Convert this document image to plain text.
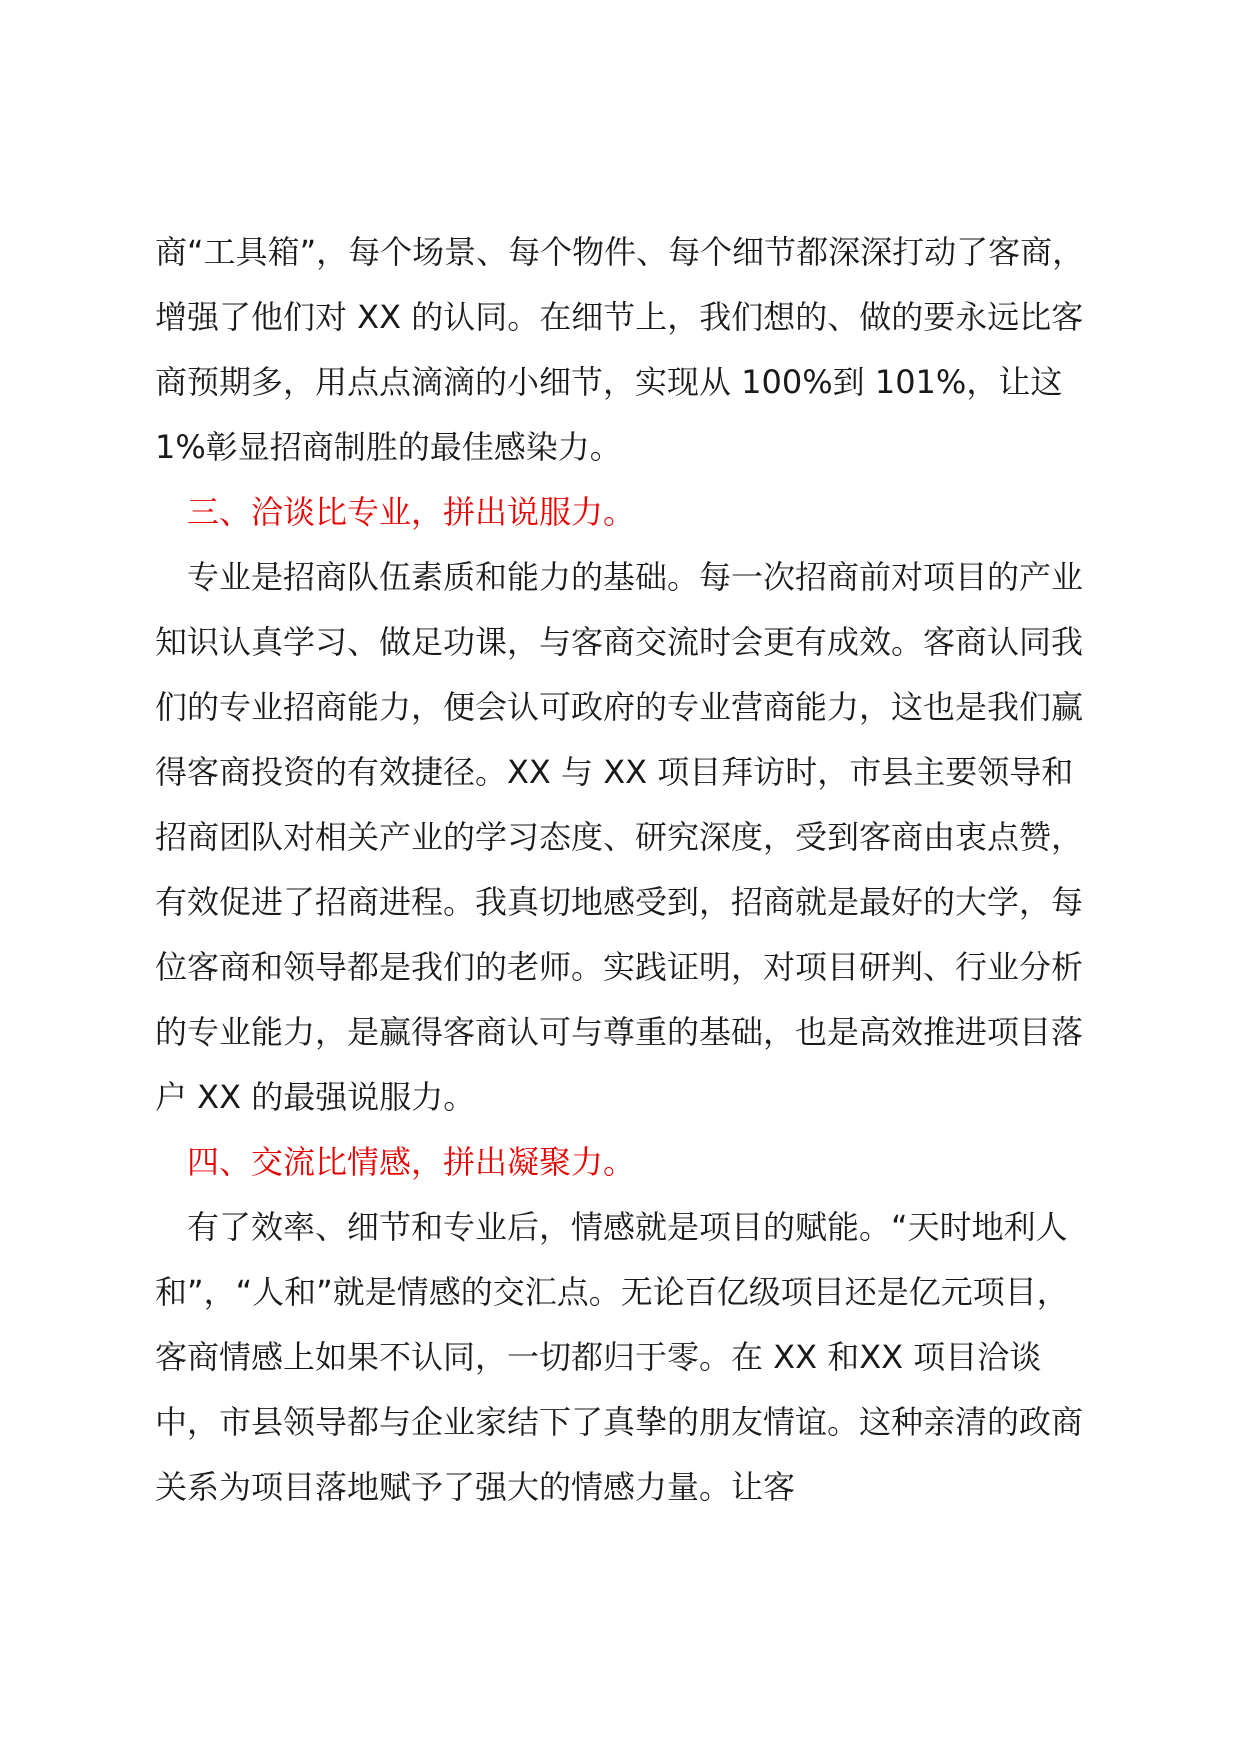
商“工具箱”，每个场景、每个物件、每个细节都深深打动了客商，增强了他们对 XX 的认同。在细节上，我们想的、做的要永远比客商预期多，用点点滴滴的小细节，实现从 100%到 101%，让这 1%彰显招商制胜的最佳感染力。

三、洽谈比专业，拼出说服力。

专业是招商队伍素质和能力的基础。每一次招商前对项目的产业知识认真学习、做足功课，与客商交流时会更有成效。客商认同我们的专业招商能力，便会认可政府的专业营商能力，这也是我们赢得客商投资的有效捷径。XX 与 XX 项目拜访时，市县主要领导和招商团队对相关产业的学习态度、研究深度，受到客商由衷点赞，有效促进了招商进程。我真切地感受到，招商就是最好的大学，每位客商和领导都是我们的老师。实践证明，对项目研判、行业分析的专业能力，是赢得客商认可与尊重的基础，也是高效推进项目落户 XX 的最强说服力。

四、交流比情感，拼出凝聚力。

有了效率、细节和专业后，情感就是项目的赋能。“天时地利人和”，“人和”就是情感的交汇点。无论百亿级项目还是亿元项目，客商情感上如果不认同，一切都归于零。在 XX 和XX 项目洽谈中，市县领导都与企业家结下了真挚的朋友情谊。这种亲清的政商关系为项目落地赋予了强大的情感力量。让客
